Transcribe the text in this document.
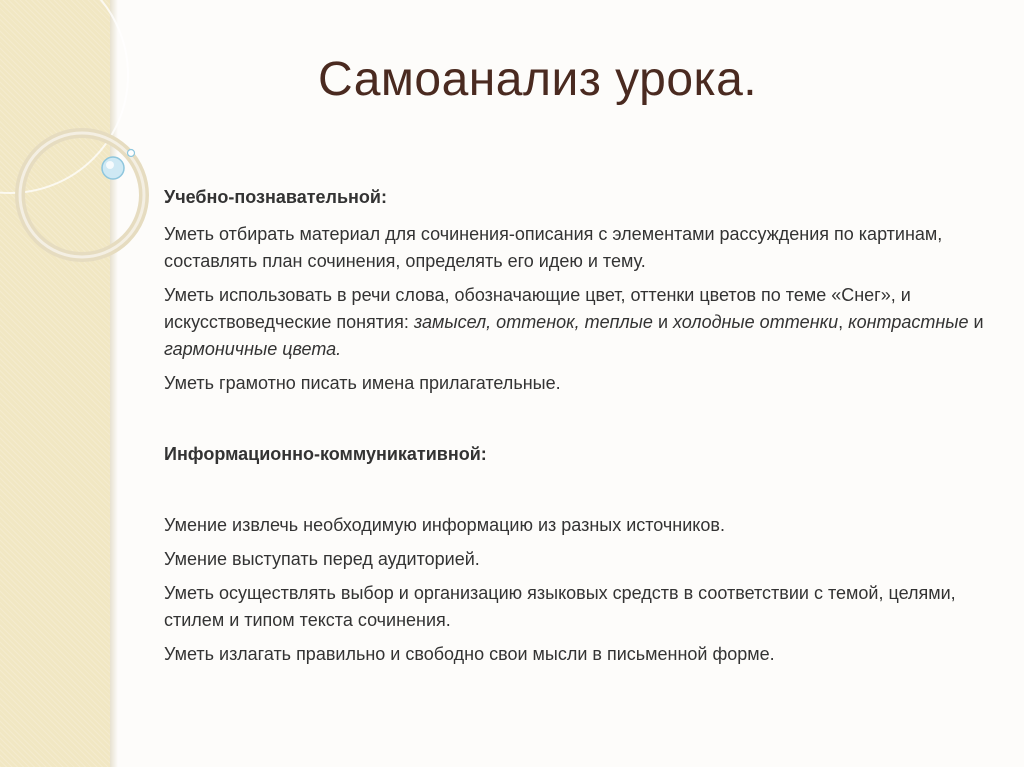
Самоанализ урока.

Учебно-познавательной:

Уметь отбирать материал для сочинения-описания с элементами рассуждения по картинам, составлять план сочинения, определять его идею и тему.

Уметь использовать в речи слова, обозначающие цвет, оттенки цветов по теме «Снег», и искусствоведческие понятия: замысел, оттенок, теплые и холодные оттенки, контрастные и гармоничные цвета.

Уметь грамотно писать имена прилагательные.

Информационно-коммуникативной:

Умение извлечь необходимую информацию из разных источников.

Умение выступать перед аудиторией.

Уметь осуществлять выбор и организацию языковых средств в соответствии с темой, целями, стилем и типом текста сочинения.

Уметь излагать правильно и свободно свои мысли в письменной форме.
